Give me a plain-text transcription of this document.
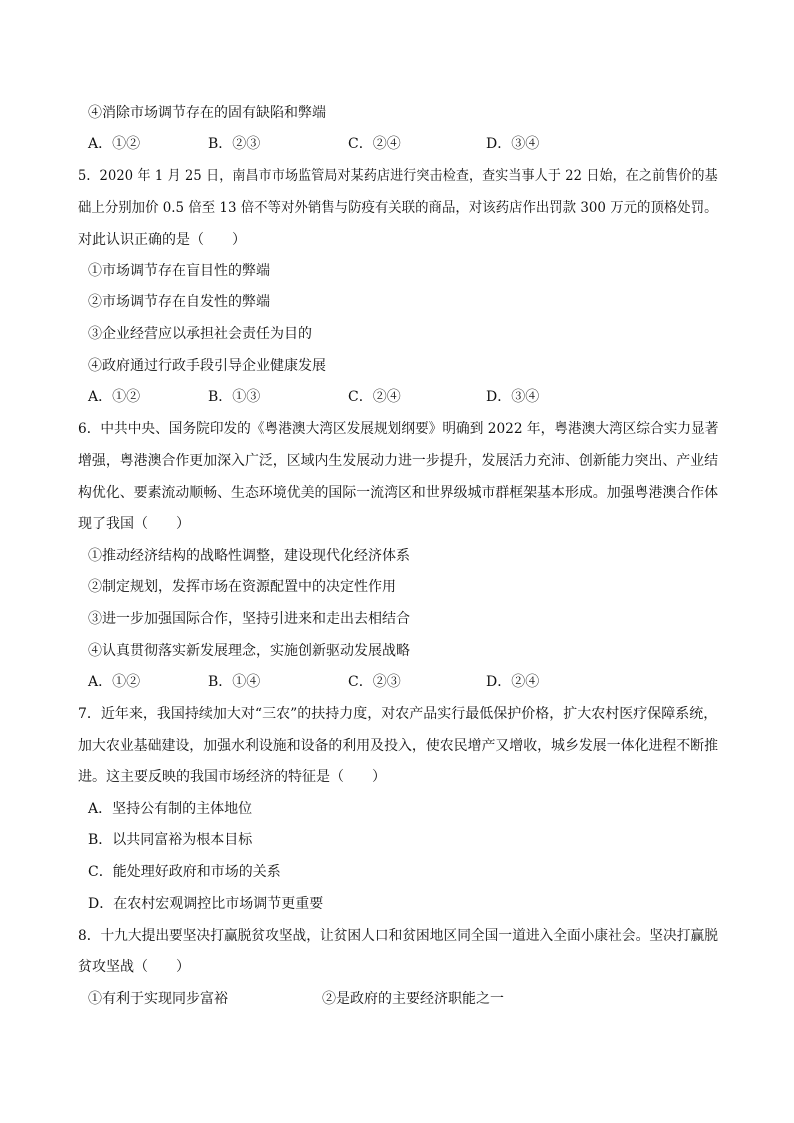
④消除市场调节存在的固有缺陷和弊端
A．①②	B．②③	C．②④	D．③④
5．2020 年 1 月 25 日，南昌市市场监管局对某药店进行突击检查，查实当事人于 22 日始，在之前售价的基
础上分别加价 0.5 倍至 13 倍不等对外销售与防疫有关联的商品，对该药店作出罚款 300 万元的顶格处罚。
对此认识正确的是（　　）
①市场调节存在盲目性的弊端
②市场调节存在自发性的弊端
③企业经营应以承担社会责任为目的
④政府通过行政手段引导企业健康发展
A．①②	B．①③	C．②④	D．③④
6．中共中央、国务院印发的《粤港澳大湾区发展规划纲要》明确到 2022 年，粤港澳大湾区综合实力显著
增强，粤港澳合作更加深入广泛，区域内生发展动力进一步提升，发展活力充沛、创新能力突出、产业结
构优化、要素流动顺畅、生态环境优美的国际一流湾区和世界级城市群框架基本形成。加强粤港澳合作体
现了我国（　　）
①推动经济结构的战略性调整，建设现代化经济体系
②制定规划，发挥市场在资源配置中的决定性作用
③进一步加强国际合作，坚持引进来和走出去相结合
④认真贯彻落实新发展理念，实施创新驱动发展战略
A．①②	B．①④	C．②③	D．②④
7．近年来，我国持续加大对“三农”的扶持力度，对农产品实行最低保护价格，扩大农村医疗保障系统，
加大农业基础建设，加强水利设施和设备的利用及投入，使农民增产又增收，城乡发展一体化进程不断推
进。这主要反映的我国市场经济的特征是（　　）
A．坚持公有制的主体地位
B．以共同富裕为根本目标
C．能处理好政府和市场的关系
D．在农村宏观调控比市场调节更重要
8．十九大提出要坚决打赢脱贫攻坚战，让贫困人口和贫困地区同全国一道进入全面小康社会。坚决打赢脱
贫攻坚战（　　）
①有利于实现同步富裕	②是政府的主要经济职能之一
